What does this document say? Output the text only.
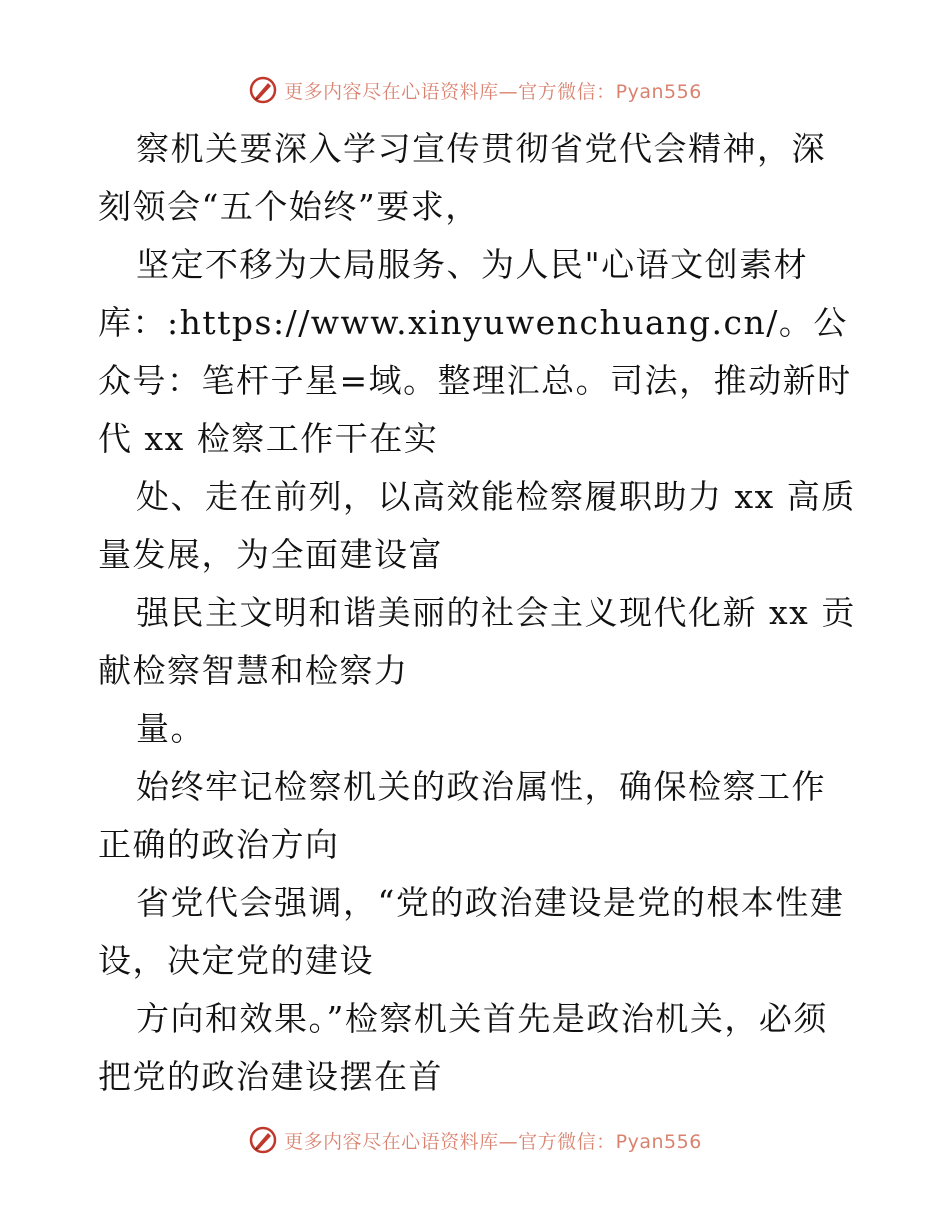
更多内容尽在心语资料库—官方微信：Pyan556

察机关要深入学习宣传贯彻省党代会精神，深刻领会“五个始终”要求，

坚定不移为大局服务、为人民"心语文创素材库：:https://www.xinyuwenchuang.cn/。公众号：笔杆子星=域。整理汇总。司法，推动新时代 xx 检察工作干在实

处、走在前列，以高效能检察履职助力 xx 高质量发展，为全面建设富

强民主文明和谐美丽的社会主义现代化新 xx 贡献检察智慧和检察力

量。

始终牢记检察机关的政治属性，确保检察工作正确的政治方向

省党代会强调，“党的政治建设是党的根本性建设，决定党的建设

方向和效果。”检察机关首先是政治机关，必须把党的政治建设摆在首

更多内容尽在心语资料库—官方微信：Pyan556
